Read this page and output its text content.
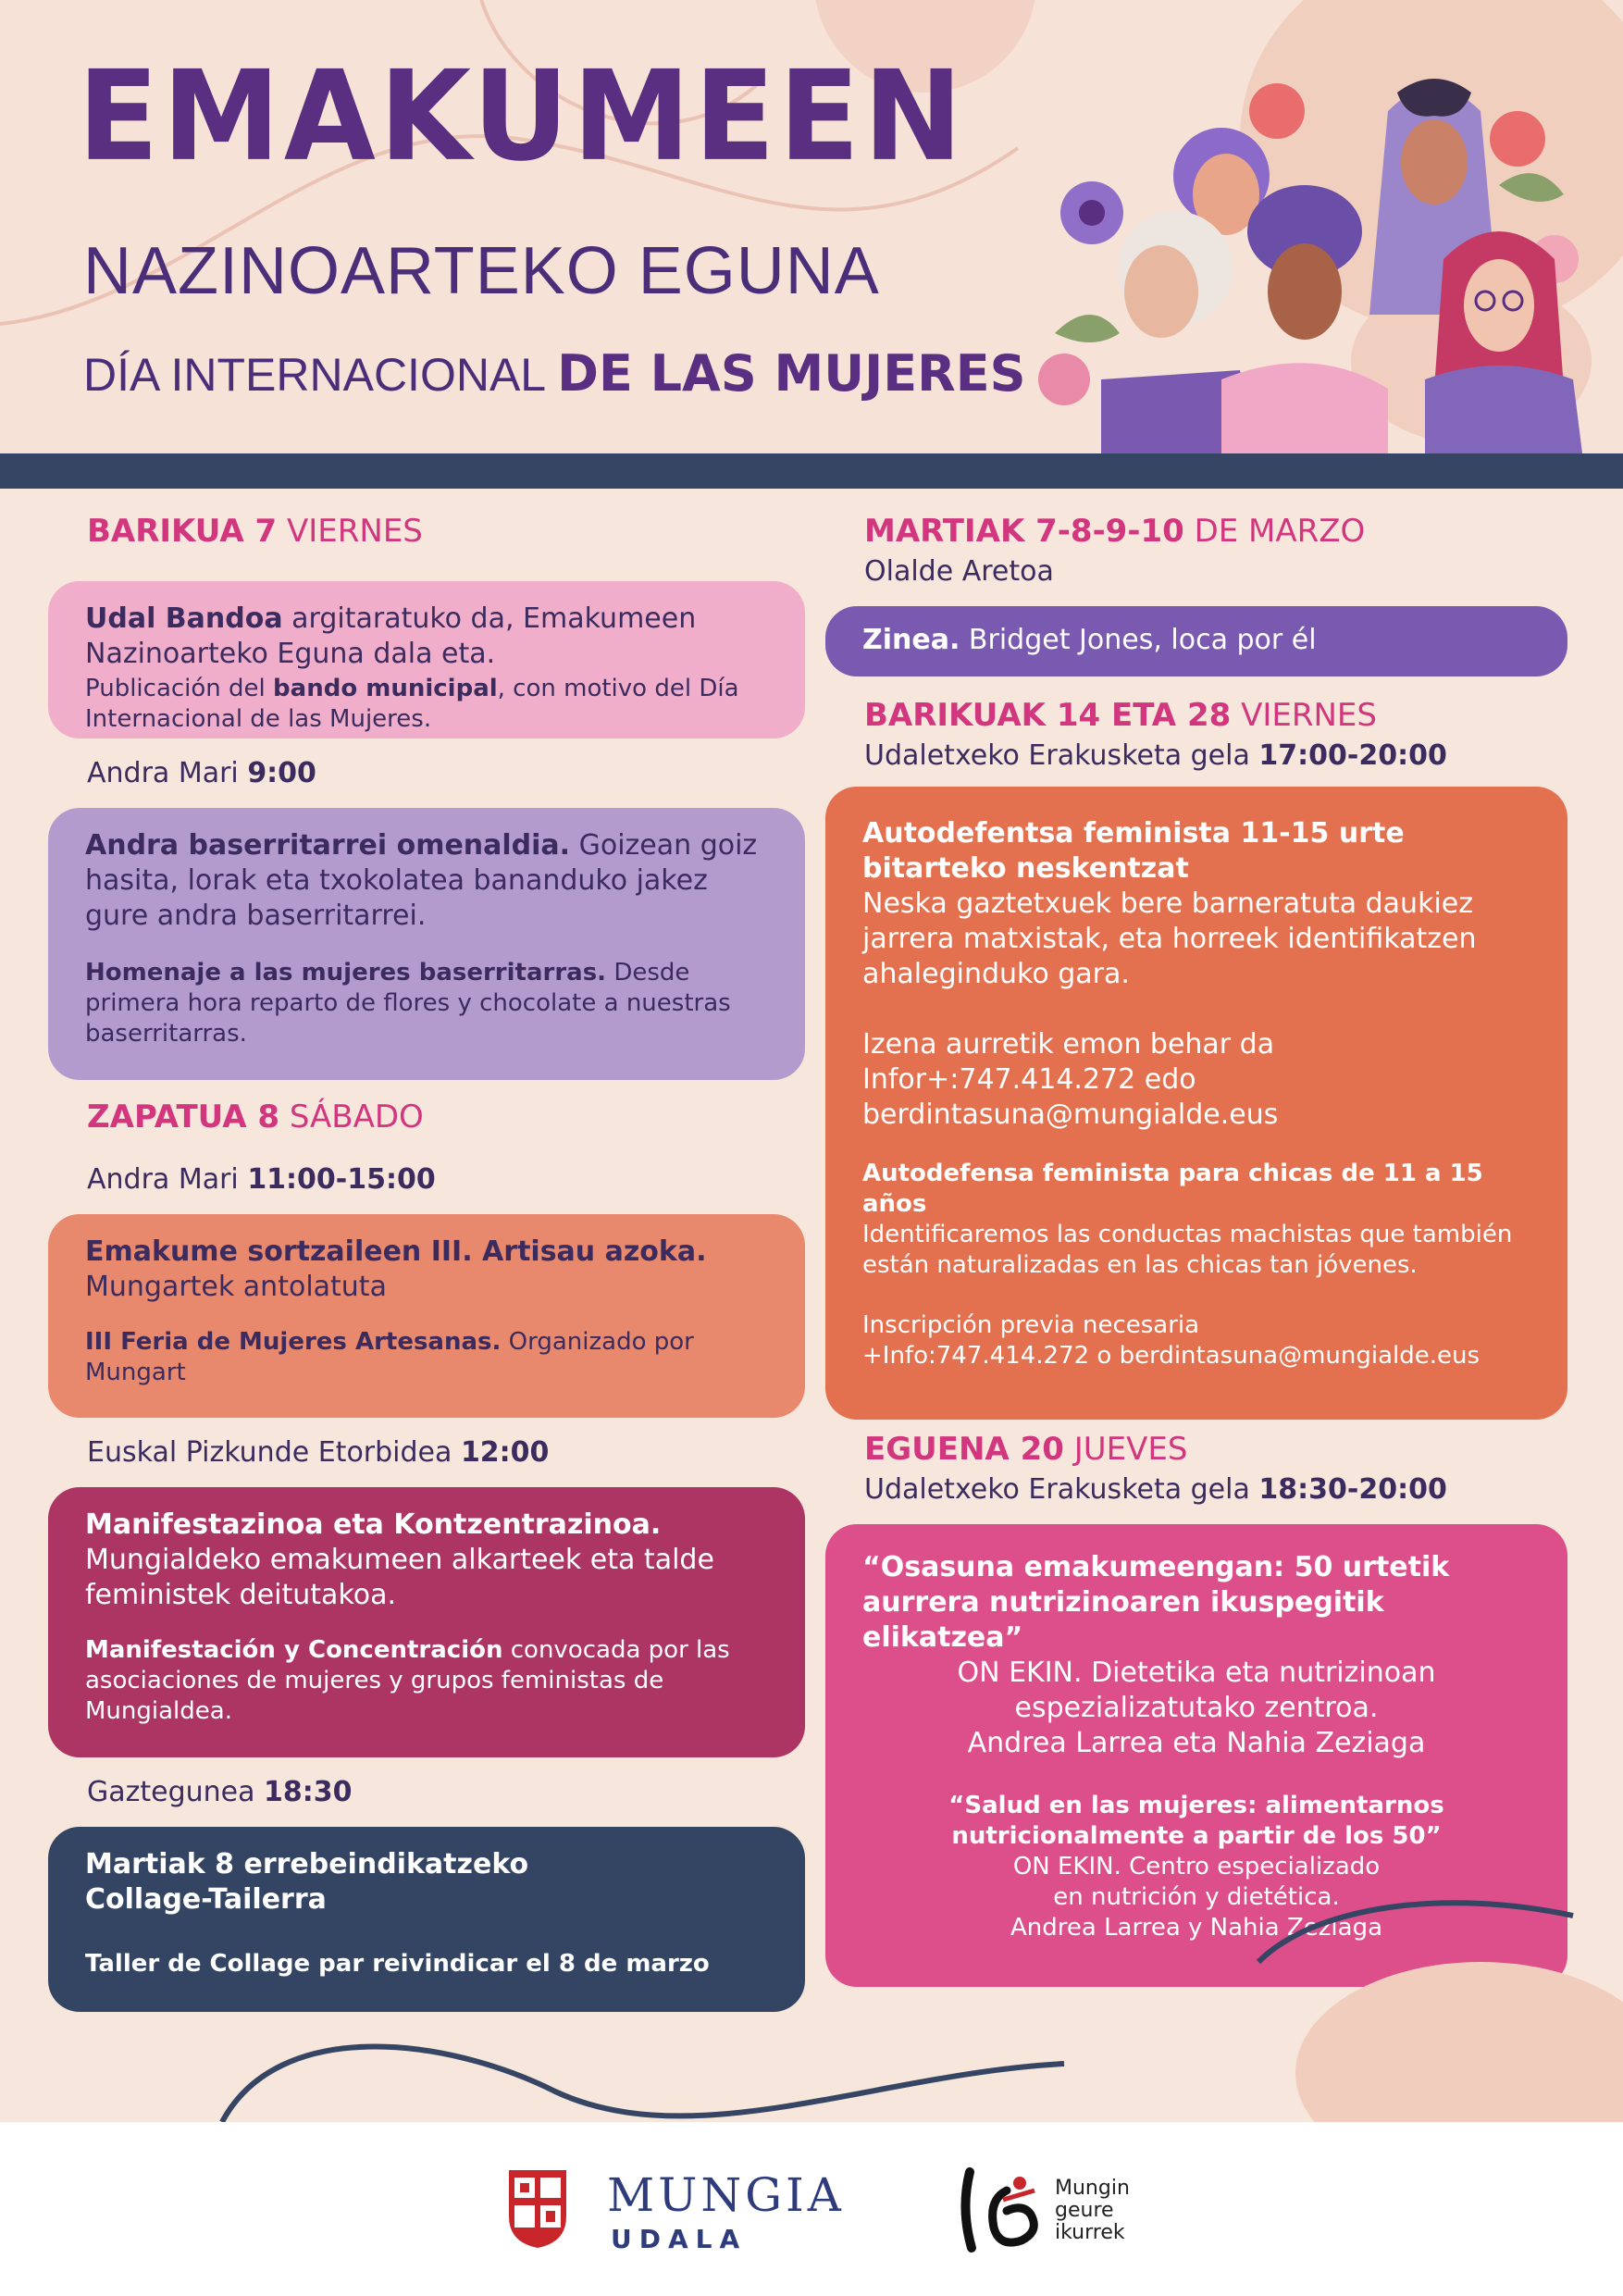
EMAKUMEEN
NAZINOARTEKO EGUNA
DÍA INTERNACIONAL DE LAS MUJERES
BARIKUA 7 VIERNES
Udal Bandoa argitaratuko da, Emakumeen Nazinoarteko Eguna dala eta.
Publicación del bando municipal, con motivo del Día Internacional de las Mujeres.
Andra Mari 9:00
Andra baserritarrei omenaldia. Goizean goiz hasita, lorak eta txokolatea bananduko jakez gure andra baserritarrei.
Homenaje a las mujeres baserritarras. Desde primera hora reparto de flores y chocolate a nuestras baserritarras.
ZAPATUA 8 SÁBADO
Andra Mari 11:00-15:00
Emakume sortzaileen III. Artisau azoka.
Mungartek antolatuta
III Feria de Mujeres Artesanas. Organizado por Mungart
Euskal Pizkunde Etorbidea 12:00
Manifestazinoa eta Kontzentrazinoa.
Mungialdeko emakumeen alkarteek eta talde feministek deitutakoa.
Manifestación y Concentración convocada por las asociaciones de mujeres y grupos feministas de Mungialdea.
Gaztegunea 18:30
Martiak 8 errebeindikatzeko
Collage-Tailerra
Taller de Collage par reivindicar el 8 de marzo
MARTIAK 7-8-9-10 DE MARZO
Olalde Aretoa
Zinea. Bridget Jones, loca por él
BARIKUAK 14 ETA 28 VIERNES
Udaletxeko Erakusketa gela 17:00-20:00
Autodefentsa feminista 11-15 urte bitarteko neskentzat
Neska gaztetxuek bere barneratuta daukiez jarrera matxistak, eta horreek identifikatzen ahaleginduko gara.
Izena aurretik emon behar da
Infor+:747.414.272 edo
berdintasuna@mungialde.eus
Autodefensa feminista para chicas de 11 a 15 años
Identificaremos las conductas machistas que también están naturalizadas en las chicas tan jóvenes.
Inscripción previa necesaria
+Info:747.414.272 o berdintasuna@mungialde.eus
EGUENA 20 JUEVES
Udaletxeko Erakusketa gela 18:30-20:00
“Osasuna emakumeengan: 50 urtetik aurrera nutrizinoaren ikuspegitik elikatzea”
ON EKIN. Dietetika eta nutrizinoan
espezializatutako zentroa.
Andrea Larrea eta Nahia Zeziaga
“Salud en las mujeres: alimentarnos nutricionalmente a partir de los 50”
ON EKIN. Centro especializado
en nutrición y dietética.
Andrea Larrea y Nahia Zeziaga
MUNGIA
UDALA
Mungin
geure
ikurrek
